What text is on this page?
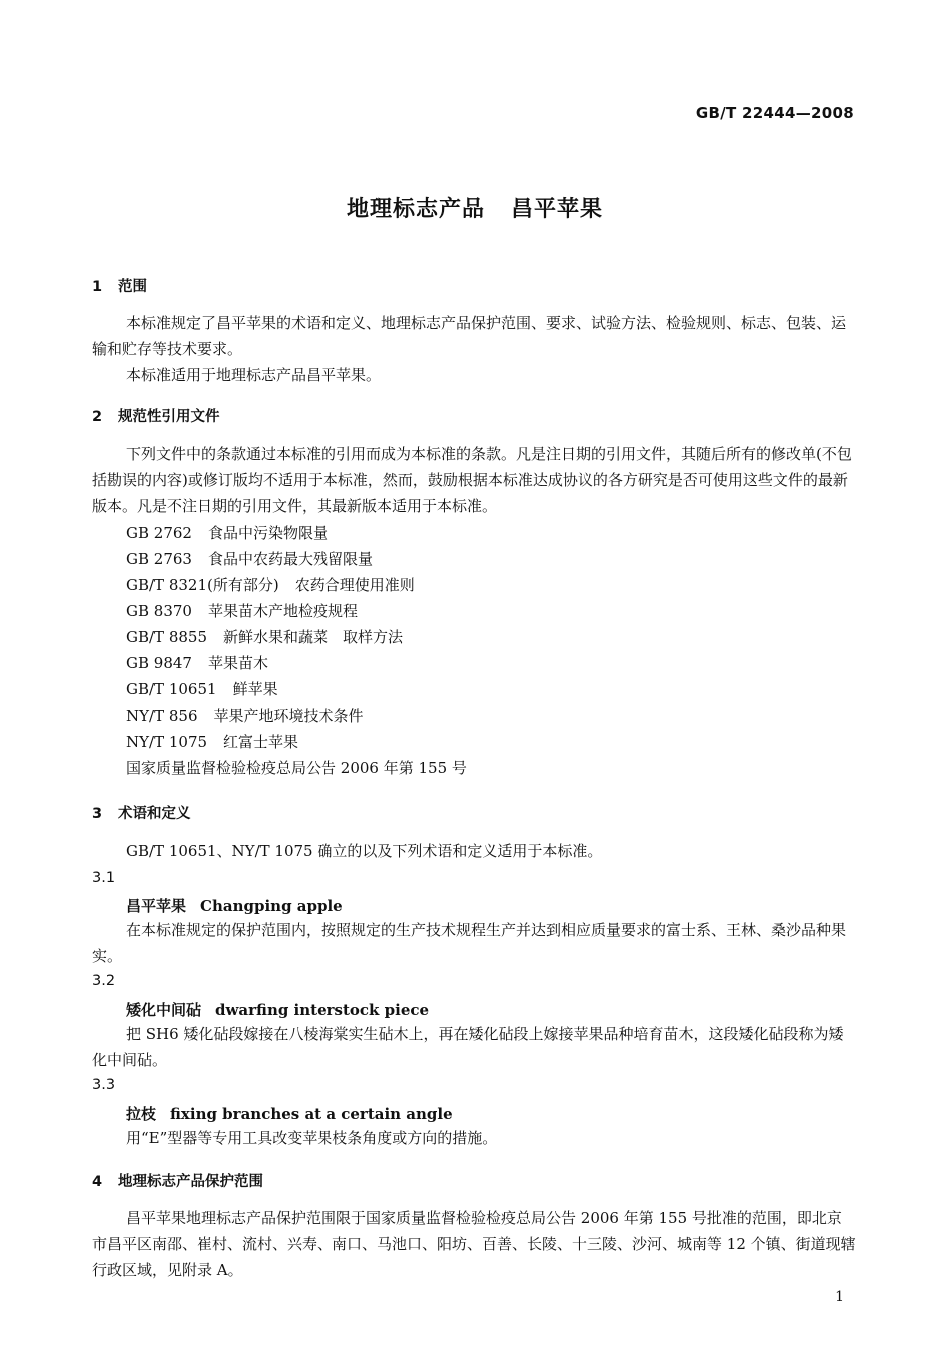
GB/T 22444—2008
地理标志产品 昌平苹果
1 范围
本标准规定了昌平苹果的术语和定义、地理标志产品保护范围、要求、试验方法、检验规则、标志、包装、运输和贮存等技术要求。
本标准适用于地理标志产品昌平苹果。
2 规范性引用文件
下列文件中的条款通过本标准的引用而成为本标准的条款。凡是注日期的引用文件，其随后所有的修改单(不包括勘误的内容)或修订版均不适用于本标准，然而，鼓励根据本标准达成协议的各方研究是否可使用这些文件的最新版本。凡是不注日期的引用文件，其最新版本适用于本标准。
GB 2762 食品中污染物限量
GB 2763 食品中农药最大残留限量
GB/T 8321(所有部分) 农药合理使用准则
GB 8370 苹果苗木产地检疫规程
GB/T 8855 新鲜水果和蔬菜　取样方法
GB 9847 苹果苗木
GB/T 10651 鲜苹果
NY/T 856 苹果产地环境技术条件
NY/T 1075 红富士苹果
国家质量监督检验检疫总局公告 2006 年第 155 号
3 术语和定义
GB/T 10651、NY/T 1075 确立的以及下列术语和定义适用于本标准。
3.1
昌平苹果 Changping apple
在本标准规定的保护范围内，按照规定的生产技术规程生产并达到相应质量要求的富士系、王林、桑沙品种果实。
3.2
矮化中间砧 dwarfing interstock piece
把 SH6 矮化砧段嫁接在八棱海棠实生砧木上，再在矮化砧段上嫁接苹果品种培育苗木，这段矮化砧段称为矮化中间砧。
3.3
拉枝 fixing branches at a certain angle
用“E”型器等专用工具改变苹果枝条角度或方向的措施。
4 地理标志产品保护范围
昌平苹果地理标志产品保护范围限于国家质量监督检验检疫总局公告 2006 年第 155 号批准的范围，即北京市昌平区南邵、崔村、流村、兴寿、南口、马池口、阳坊、百善、长陵、十三陵、沙河、城南等 12 个镇、街道现辖行政区域，见附录 A。
1
